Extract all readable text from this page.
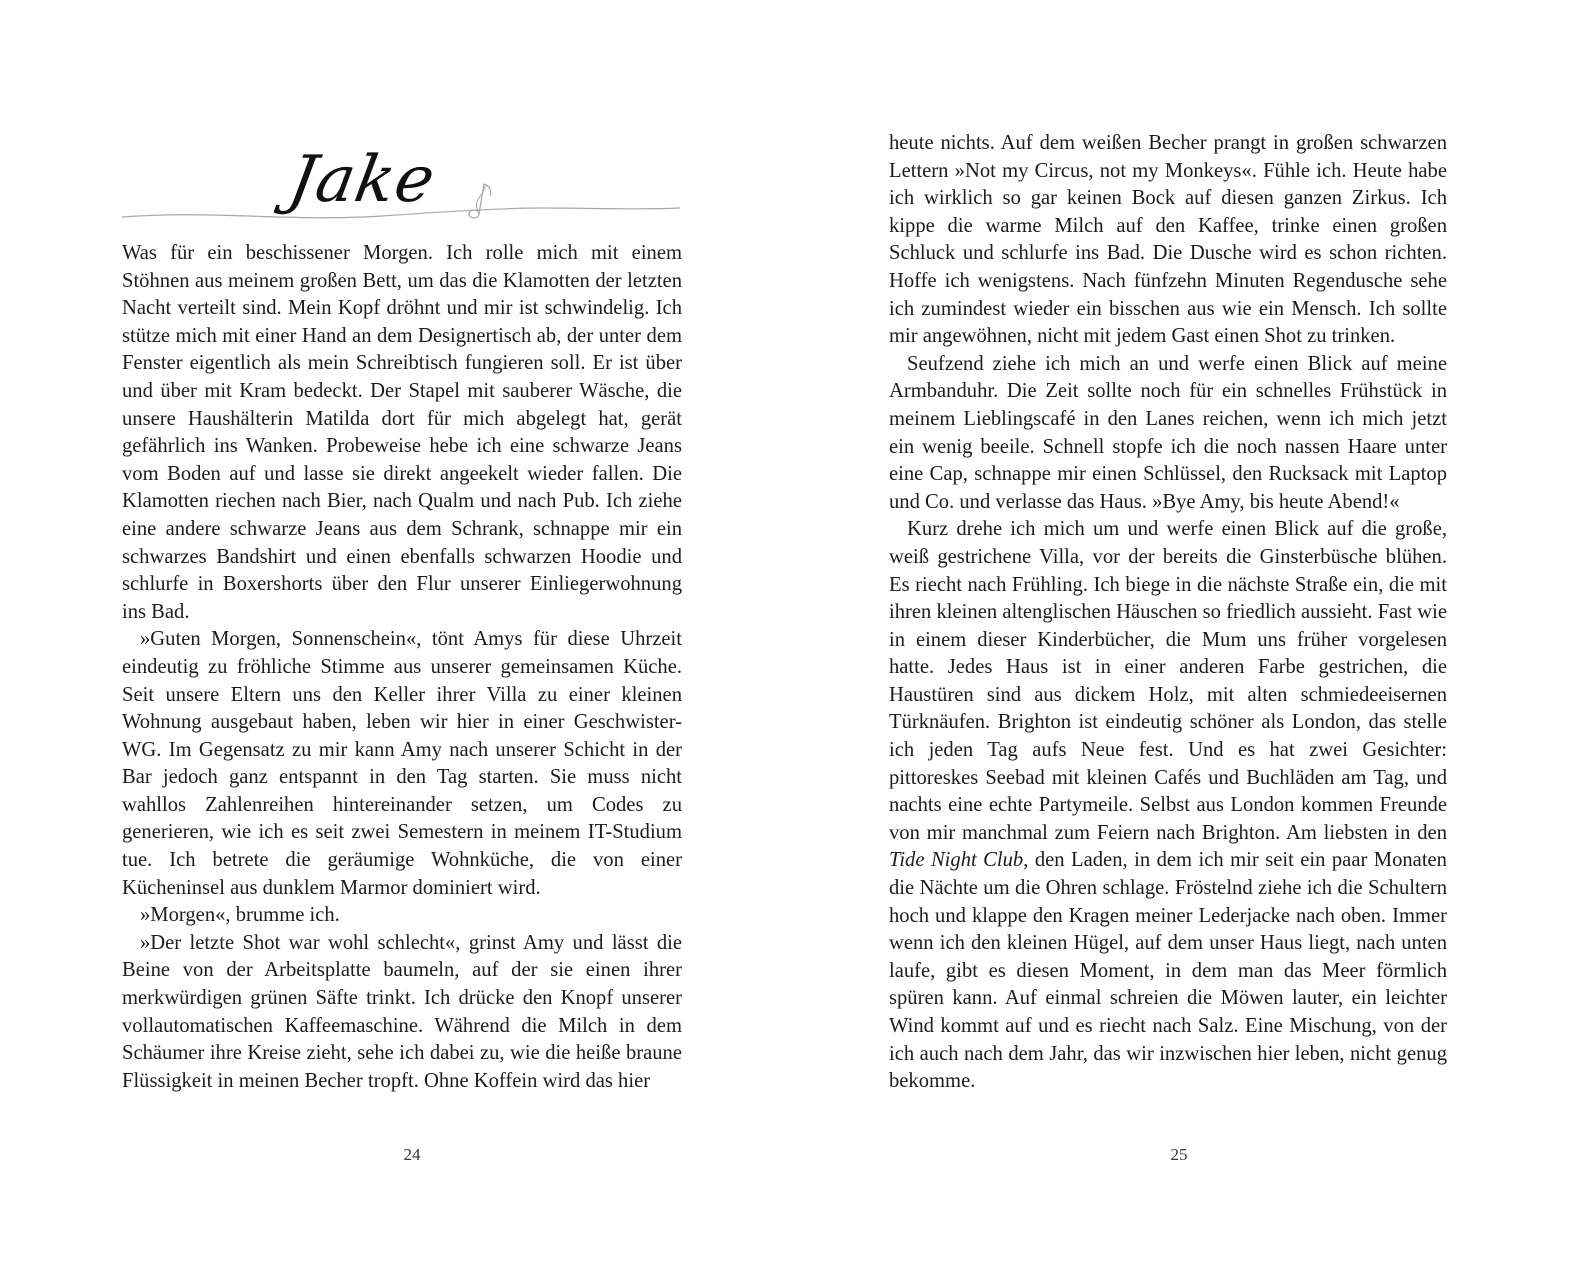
Jake

Was für ein beschissener Morgen. Ich rolle mich mit einem Stöhnen aus meinem großen Bett, um das die Klamotten der letzten Nacht verteilt sind. Mein Kopf dröhnt und mir ist schwindelig. Ich stütze mich mit einer Hand an dem Designertisch ab, der unter dem Fenster eigentlich als mein Schreibtisch fungieren soll. Er ist über und über mit Kram bedeckt. Der Stapel mit sauberer Wäsche, die unsere Haushälterin Matilda dort für mich abgelegt hat, gerät gefährlich ins Wanken. Probeweise hebe ich eine schwarze Jeans vom Boden auf und lasse sie direkt angeekelt wieder fallen. Die Klamotten riechen nach Bier, nach Qualm und nach Pub. Ich ziehe eine andere schwarze Jeans aus dem Schrank, schnappe mir ein schwarzes Bandshirt und einen ebenfalls schwarzen Hoodie und schlurfe in Boxershorts über den Flur unserer Einliegerwohnung ins Bad.

»Guten Morgen, Sonnenschein«, tönt Amys für diese Uhrzeit eindeutig zu fröhliche Stimme aus unserer gemeinsamen Küche. Seit unsere Eltern uns den Keller ihrer Villa zu einer kleinen Wohnung ausgebaut haben, leben wir hier in einer Geschwister-WG. Im Gegensatz zu mir kann Amy nach unserer Schicht in der Bar jedoch ganz entspannt in den Tag starten. Sie muss nicht wahllos Zahlenreihen hintereinander setzen, um Codes zu generieren, wie ich es seit zwei Semestern in meinem IT-Studium tue. Ich betrete die geräumige Wohnküche, die von einer Kücheninsel aus dunklem Marmor dominiert wird.

»Morgen«, brumme ich.

»Der letzte Shot war wohl schlecht«, grinst Amy und lässt die Beine von der Arbeitsplatte baumeln, auf der sie einen ihrer merkwürdigen grünen Säfte trinkt. Ich drücke den Knopf unserer vollautomatischen Kaffeemaschine. Während die Milch in dem Schäumer ihre Kreise zieht, sehe ich dabei zu, wie die heiße braune Flüssigkeit in meinen Becher tropft. Ohne Koffein wird das hier

24

heute nichts. Auf dem weißen Becher prangt in großen schwarzen Lettern »Not my Circus, not my Monkeys«. Fühle ich. Heute habe ich wirklich so gar keinen Bock auf diesen ganzen Zirkus. Ich kippe die warme Milch auf den Kaffee, trinke einen großen Schluck und schlurfe ins Bad. Die Dusche wird es schon richten. Hoffe ich wenigstens. Nach fünfzehn Minuten Regendusche sehe ich zumindest wieder ein bisschen aus wie ein Mensch. Ich sollte mir angewöhnen, nicht mit jedem Gast einen Shot zu trinken.

Seufzend ziehe ich mich an und werfe einen Blick auf meine Armbanduhr. Die Zeit sollte noch für ein schnelles Frühstück in meinem Lieblingscafé in den Lanes reichen, wenn ich mich jetzt ein wenig beeile. Schnell stopfe ich die noch nassen Haare unter eine Cap, schnappe mir einen Schlüssel, den Rucksack mit Laptop und Co. und verlasse das Haus. »Bye Amy, bis heute Abend!«

Kurz drehe ich mich um und werfe einen Blick auf die große, weiß gestrichene Villa, vor der bereits die Ginsterbüsche blühen. Es riecht nach Frühling. Ich biege in die nächste Straße ein, die mit ihren kleinen altenglischen Häuschen so friedlich aussieht. Fast wie in einem dieser Kinderbücher, die Mum uns früher vorgelesen hatte. Jedes Haus ist in einer anderen Farbe gestrichen, die Haustüren sind aus dickem Holz, mit alten schmiedeeisernen Türknäufen. Brighton ist eindeutig schöner als London, das stelle ich jeden Tag aufs Neue fest. Und es hat zwei Gesichter: pittoreskes Seebad mit kleinen Cafés und Buchläden am Tag, und nachts eine echte Partymeile. Selbst aus London kommen Freunde von mir manchmal zum Feiern nach Brighton. Am liebsten in den Tide Night Club, den Laden, in dem ich mir seit ein paar Monaten die Nächte um die Ohren schlage. Fröstelnd ziehe ich die Schultern hoch und klappe den Kragen meiner Lederjacke nach oben. Immer wenn ich den kleinen Hügel, auf dem unser Haus liegt, nach unten laufe, gibt es diesen Moment, in dem man das Meer förmlich spüren kann. Auf einmal schreien die Möwen lauter, ein leichter Wind kommt auf und es riecht nach Salz. Eine Mischung, von der ich auch nach dem Jahr, das wir inzwischen hier leben, nicht genug bekomme.

25
